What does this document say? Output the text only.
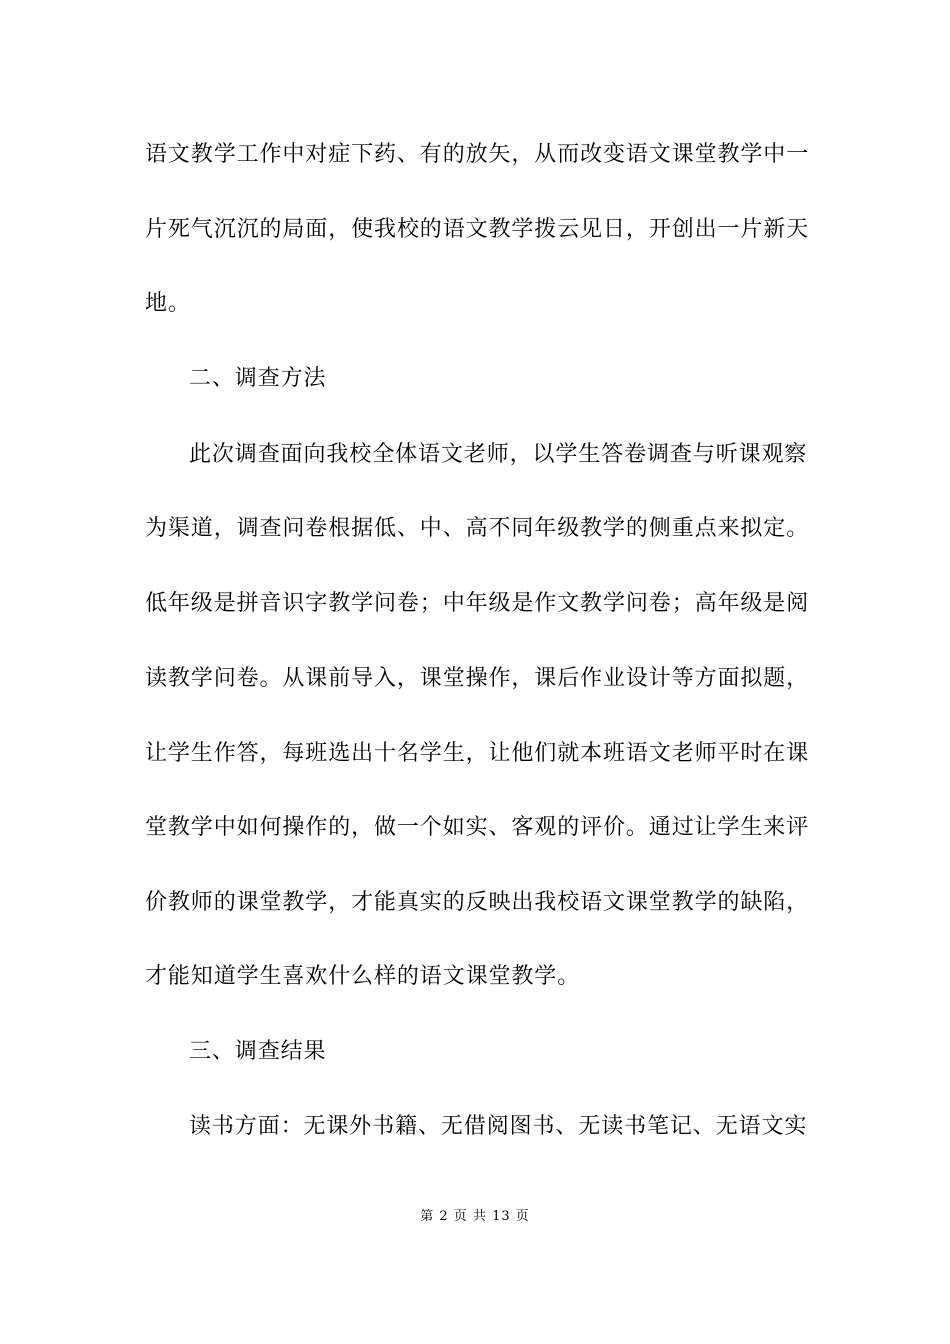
语文教学工作中对症下药、有的放矢，从而改变语文课堂教学中一
片死气沉沉的局面，使我校的语文教学拨云见日，开创出一片新天
地。
二、调查方法
此次调查面向我校全体语文老师，以学生答卷调查与听课观察
为渠道，调查问卷根据低、中、高不同年级教学的侧重点来拟定。
低年级是拼音识字教学问卷；中年级是作文教学问卷；高年级是阅
读教学问卷。从课前导入，课堂操作，课后作业设计等方面拟题，
让学生作答，每班选出十名学生，让他们就本班语文老师平时在课
堂教学中如何操作的，做一个如实、客观的评价。通过让学生来评
价教师的课堂教学，才能真实的反映出我校语文课堂教学的缺陷，
才能知道学生喜欢什么样的语文课堂教学。
三、调查结果
读书方面：无课外书籍、无借阅图书、无读书笔记、无语文实
第 2 页 共 13 页
